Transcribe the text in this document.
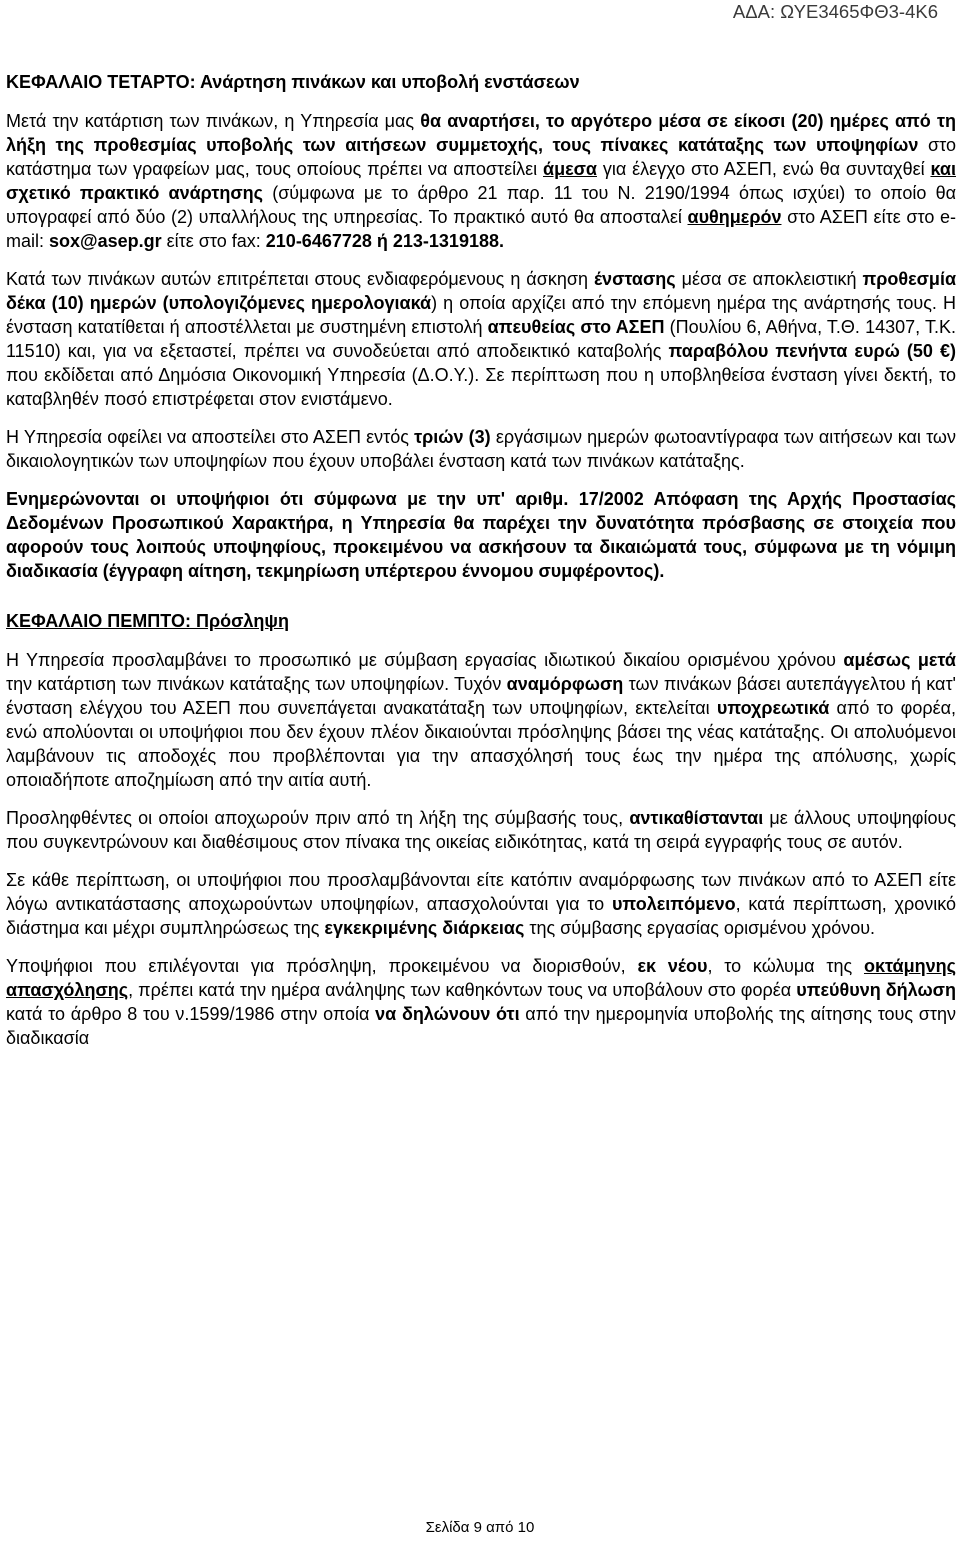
ΑΔΑ: ΩΥΕ3465ΦΘ3-4Κ6
ΚΕΦΑΛΑΙΟ ΤΕΤΑΡΤΟ: Ανάρτηση πινάκων και υποβολή ενστάσεων

Μετά την κατάρτιση των πινάκων, η Υπηρεσία μας θα αναρτήσει, το αργότερο μέσα σε είκοσι (20) ημέρες από τη λήξη της προθεσμίας υποβολής των αιτήσεων συμμετοχής, τους πίνακες κατάταξης των υποψηφίων στο κατάστημα των γραφείων μας, τους οποίους πρέπει να αποστείλει άμεσα για έλεγχο στο ΑΣΕΠ, ενώ θα συνταχθεί και σχετικό πρακτικό ανάρτησης (σύμφωνα με το άρθρο 21 παρ. 11 του Ν. 2190/1994 όπως ισχύει) το οποίο θα υπογραφεί από δύο (2) υπαλλήλους της υπηρεσίας. Το πρακτικό αυτό θα αποσταλεί αυθημερόν στο ΑΣΕΠ είτε στο e-mail: sox@asep.gr είτε στο fax: 210-6467728 ή 213-1319188.

Κατά των πινάκων αυτών επιτρέπεται στους ενδιαφερόμενους η άσκηση ένστασης μέσα σε αποκλειστική προθεσμία δέκα (10) ημερών (υπολογιζόμενες ημερολογιακά) η οποία αρχίζει από την επόμενη ημέρα της ανάρτησής τους. Η ένσταση κατατίθεται ή αποστέλλεται με συστημένη επιστολή απευθείας στο ΑΣΕΠ (Πουλίου 6, Αθήνα, Τ.Θ. 14307, Τ.Κ. 11510) και, για να εξεταστεί, πρέπει να συνοδεύεται από αποδεικτικό καταβολής παραβόλου πενήντα ευρώ (50 €) που εκδίδεται από Δημόσια Οικονομική Υπηρεσία (Δ.Ο.Υ.). Σε περίπτωση που η υποβληθείσα ένσταση γίνει δεκτή, το καταβληθέν ποσό επιστρέφεται στον ενιστάμενο.

Η Υπηρεσία οφείλει να αποστείλει στο ΑΣΕΠ εντός τριών (3) εργάσιμων ημερών φωτοαντίγραφα των αιτήσεων και των δικαιολογητικών των υποψηφίων που έχουν υποβάλει ένσταση κατά των πινάκων κατάταξης.

Ενημερώνονται οι υποψήφιοι ότι σύμφωνα με την υπ' αριθμ. 17/2002 Απόφαση της Αρχής Προστασίας Δεδομένων Προσωπικού Χαρακτήρα, η Υπηρεσία θα παρέχει την δυνατότητα πρόσβασης σε στοιχεία που αφορούν τους λοιπούς υποψηφίους, προκειμένου να ασκήσουν τα δικαιώματά τους, σύμφωνα με τη νόμιμη διαδικασία (έγγραφη αίτηση, τεκμηρίωση υπέρτερου έννομου συμφέροντος).

ΚΕΦΑΛΑΙΟ ΠΕΜΠΤΟ: Πρόσληψη

Η Υπηρεσία προσλαμβάνει το προσωπικό με σύμβαση εργασίας ιδιωτικού δικαίου ορισμένου χρόνου αμέσως μετά την κατάρτιση των πινάκων κατάταξης των υποψηφίων. Τυχόν αναμόρφωση των πινάκων βάσει αυτεπάγγελτου ή κατ' ένσταση ελέγχου του ΑΣΕΠ που συνεπάγεται ανακατάταξη των υποψηφίων, εκτελείται υποχρεωτικά από το φορέα, ενώ απολύονται οι υποψήφιοι που δεν έχουν πλέον δικαιούνται πρόσληψης βάσει της νέας κατάταξης. Οι απολυόμενοι λαμβάνουν τις αποδοχές που προβλέπονται για την απασχόλησή τους έως την ημέρα της απόλυσης, χωρίς οποιαδήποτε αποζημίωση από την αιτία αυτή.

Προσληφθέντες οι οποίοι αποχωρούν πριν από τη λήξη της σύμβασής τους, αντικαθίστανται με άλλους υποψηφίους που συγκεντρώνουν και διαθέσιμους στον πίνακα της οικείας ειδικότητας, κατά τη σειρά εγγραφής τους σε αυτόν.

Σε κάθε περίπτωση, οι υποψήφιοι που προσλαμβάνονται είτε κατόπιν αναμόρφωσης των πινάκων από το ΑΣΕΠ είτε λόγω αντικατάστασης αποχωρούντων υποψηφίων, απασχολούνται για το υπολειπόμενο, κατά περίπτωση, χρονικό διάστημα και μέχρι συμπληρώσεως της εγκεκριμένης διάρκειας της σύμβασης εργασίας ορισμένου χρόνου.

Υποψήφιοι που επιλέγονται για πρόσληψη, προκειμένου να διορισθούν, εκ νέου, το κώλυμα της οκτάμηνης απασχόλησης, πρέπει κατά την ημέρα ανάληψης των καθηκόντων τους να υποβάλουν στο φορέα υπεύθυνη δήλωση κατά το άρθρο 8 του ν.1599/1986 στην οποία να δηλώνουν ότι από την ημερομηνία υποβολής της αίτησης τους στην διαδικασία

Σελίδα 9 από 10
